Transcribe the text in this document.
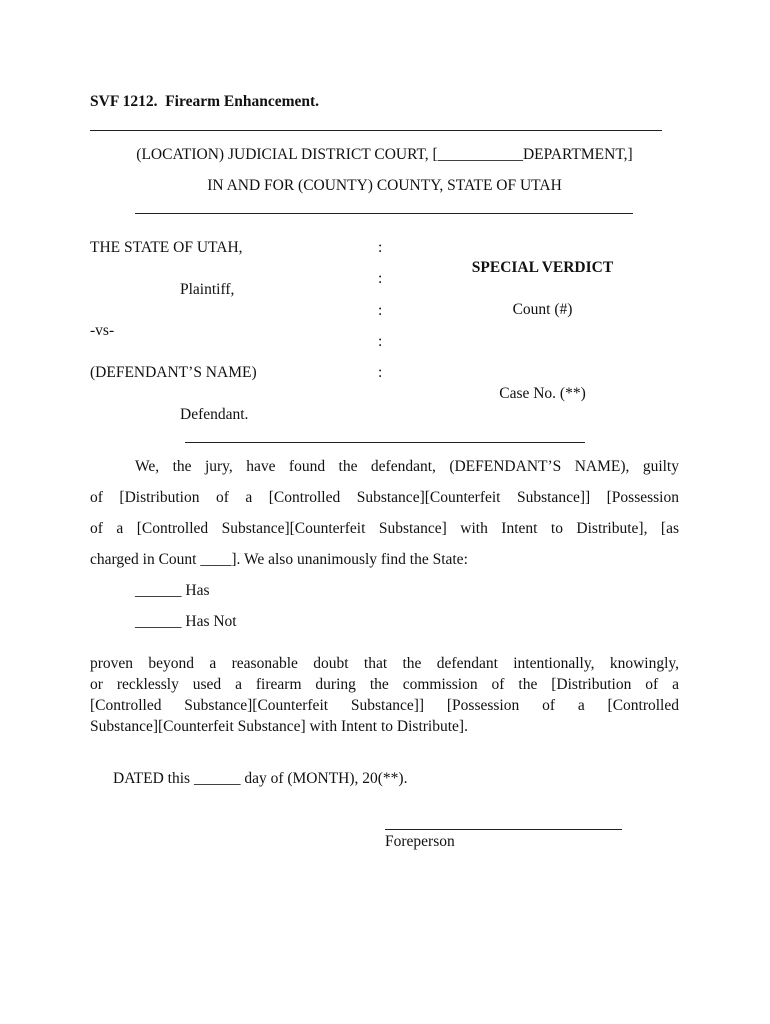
SVF 1212. Firearm Enhancement.
(LOCATION) JUDICIAL DISTRICT COURT, [___________DEPARTMENT,]
IN AND FOR (COUNTY) COUNTY, STATE OF UTAH
THE STATE OF UTAH,
Plaintiff,
-vs-
(DEFENDANT’S NAME)
Defendant.
:
:
:
:
:
SPECIAL VERDICT
Count (#)
Case No. (**)
We, the jury, have found the defendant, (DEFENDANT’S NAME), guilty
of [Distribution of a [Controlled Substance][Counterfeit Substance]] [Possession
of a [Controlled Substance][Counterfeit Substance] with Intent to Distribute], [as
charged in Count ____]. We also unanimously find the State:
______ Has
______ Has Not
proven beyond a reasonable doubt that the defendant intentionally, knowingly,
or recklessly used a firearm during the commission of the [Distribution of a
[Controlled Substance][Counterfeit Substance]] [Possession of a [Controlled
Substance][Counterfeit Substance] with Intent to Distribute].
DATED this ______ day of (MONTH), 20(**).
Foreperson
